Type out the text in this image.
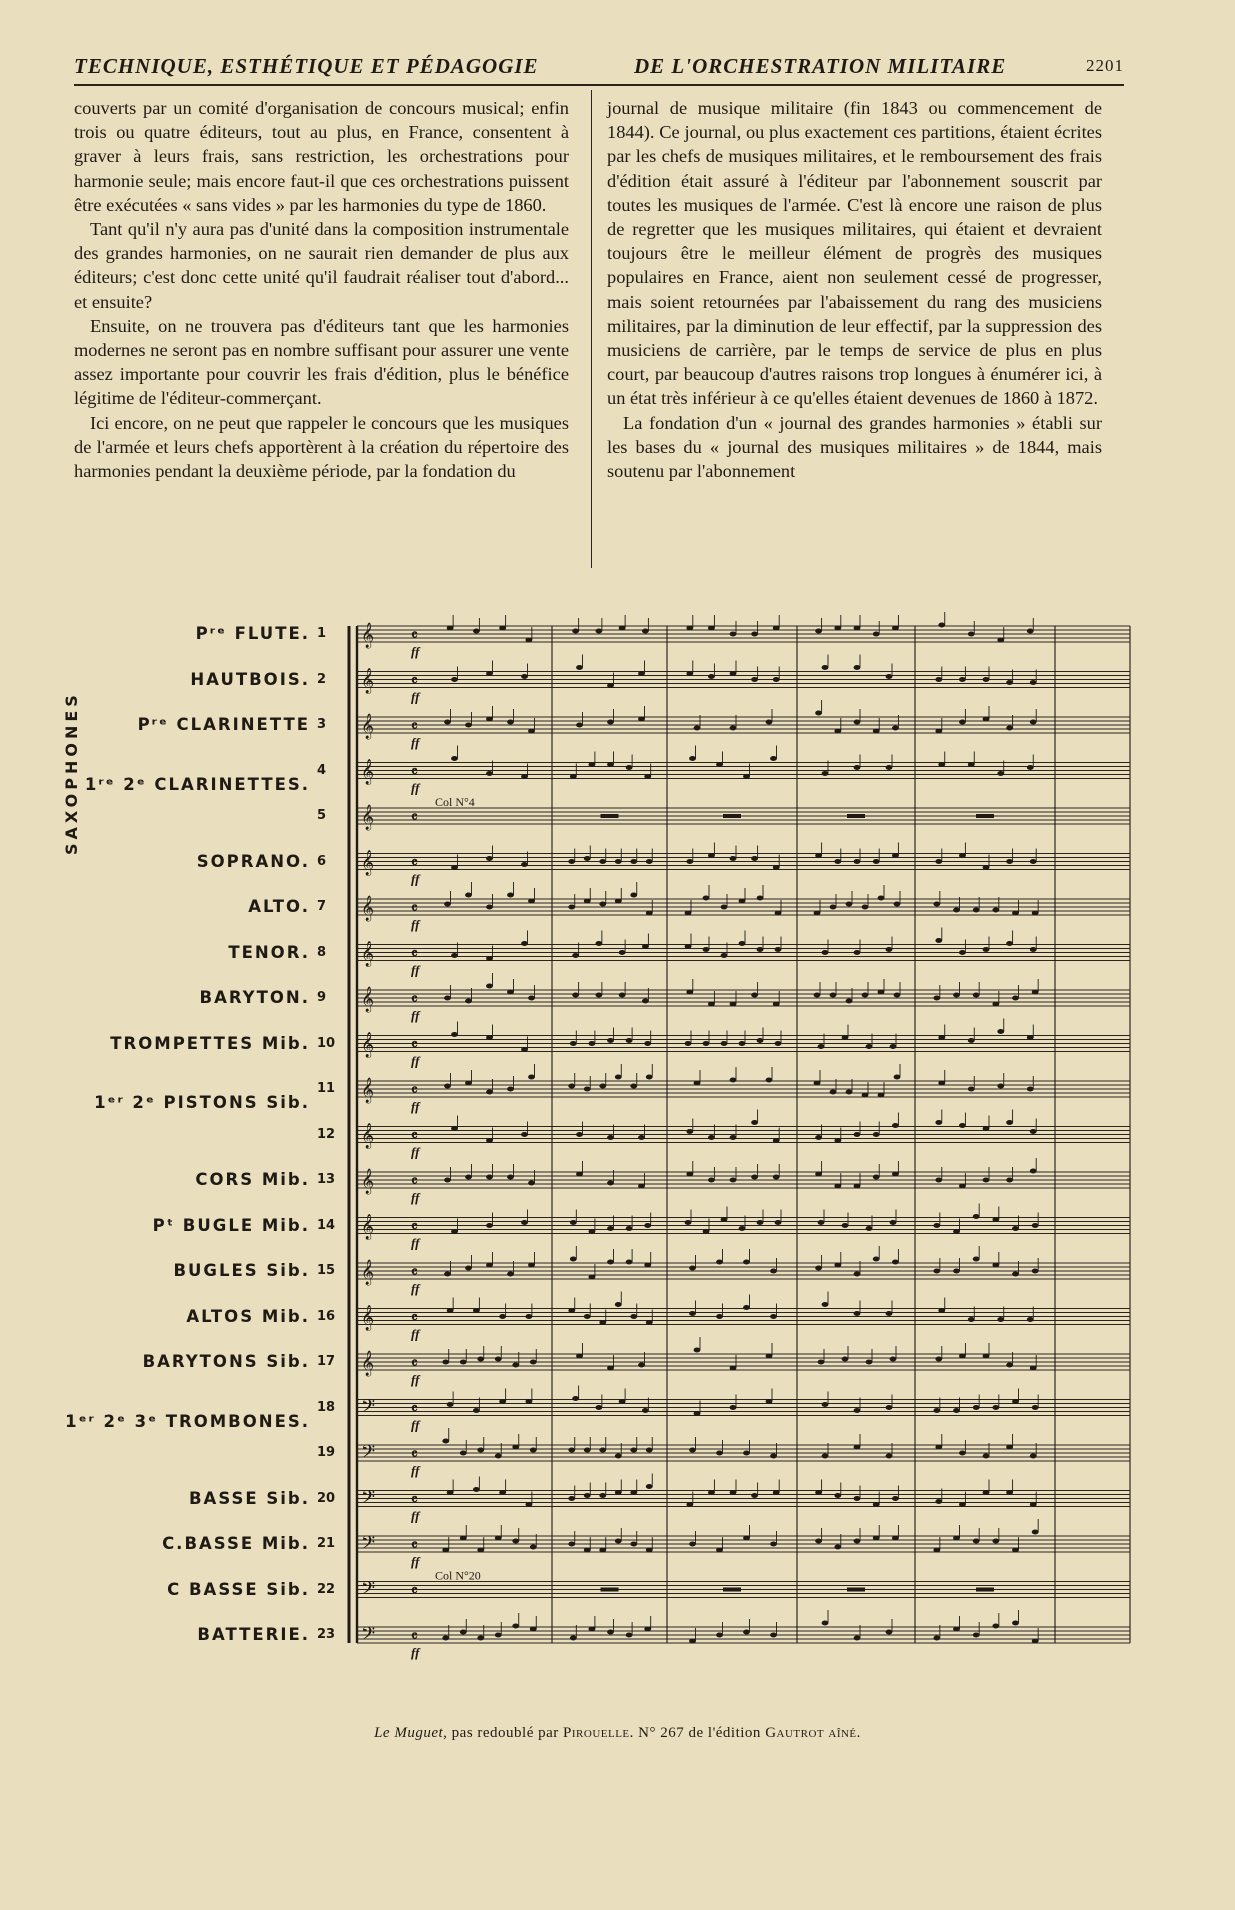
TECHNIQUE, ESTHÉTIQUE ET PÉDAGOGIE	DE L'ORCHESTRATION MILITAIRE	2201

couverts par un comité d'organisation de concours musical; enfin trois ou quatre éditeurs, tout au plus, en France, consentent à graver à leurs frais, sans restriction, les orchestrations pour harmonie seule; mais encore faut-il que ces orchestrations puissent être exécutées « sans vides » par les harmonies du type de 1860.

Tant qu'il n'y aura pas d'unité dans la composition instrumentale des grandes harmonies, on ne saurait rien demander de plus aux éditeurs; c'est donc cette unité qu'il faudrait réaliser tout d'abord... et ensuite?

Ensuite, on ne trouvera pas d'éditeurs tant que les harmonies modernes ne seront pas en nombre suffisant pour assurer une vente assez importante pour couvrir les frais d'édition, plus le bénéfice légitime de l'éditeur-commerçant.

Ici encore, on ne peut que rappeler le concours que les musiques de l'armée et leurs chefs apportèrent à la création du répertoire des harmonies pendant la deuxième période, par la fondation du

journal de musique militaire (fin 1843 ou commencement de 1844). Ce journal, ou plus exactement ces partitions, étaient écrites par les chefs de musiques militaires, et le remboursement des frais d'édition était assuré à l'éditeur par l'abonnement souscrit par toutes les musiques de l'armée. C'est là encore une raison de plus de regretter que les musiques militaires, qui étaient et devraient toujours être le meilleur élément de progrès des musiques populaires en France, aient non seulement cessé de progresser, mais soient retournées par l'abaissement du rang des musiciens militaires, par la diminution de leur effectif, par la suppression des musiciens de carrière, par le temps de service de plus en plus court, par beaucoup d'autres raisons trop longues à énumérer ici, à un état très inférieur à ce qu'elles étaient devenues de 1860 à 1872.

La fondation d'un « journal des grandes harmonies » établi sur les bases du « journal des musiques militaires » de 1844, mais soutenu par l'abonnement

Pʳᵉ FLUTE. 1
HAUTBOIS. 2
Pʳᵉ CLARINETTE 3
1ʳᵉ 2ᵉ CLARINETTES.
4
5
SOPRANO. 6
ALTO. 7
TENOR. 8
BARYTON. 9
TROMPETTES Mib. 10
1ᵉʳ 2ᵉ PISTONS Sib.
11
12
CORS Mib. 13
Pᵗ BUGLE Mib. 14
BUGLES Sib. 15
ALTOS Mib. 16
BARYTONS Sib. 17
1ᵉʳ 2ᵉ 3ᵉ TROMBONES.
18
19
BASSE Sib. 20
C.BASSE Mib. 21
C BASSE Sib. 22
BATTERIE. 23
SAXOPHONES
𝄞 𝄴
ff
𝄞 𝄴
ff
𝄞 𝄴
ff
𝄞 𝄴
ff
𝄞 𝄴
𝄞 𝄴
ff
𝄞 𝄴
ff
𝄞 𝄴
ff
𝄞 𝄴
ff
𝄞 𝄴
ff
𝄞 𝄴
ff
𝄞 𝄴
ff
𝄞 𝄴
ff
𝄞 𝄴
ff
𝄞 𝄴
ff
𝄞 𝄴
ff
𝄞 𝄴
ff
𝄢 𝄴
ff
𝄢 𝄴
ff
𝄢 𝄴
ff
𝄢 𝄴
ff
𝄢 𝄴
𝄢 𝄴
ff
Col N°4
Col N°20
Le Muguet, pas redoublé par Pirouelle. N° 267 de l'édition Gautrot aîné.
